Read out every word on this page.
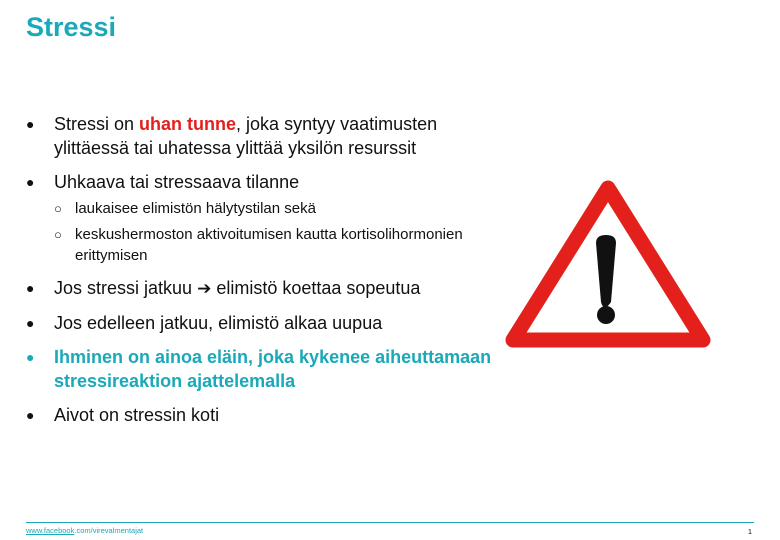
Stressi
● Stressi on uhan tunne, joka syntyy vaatimusten ylittäessä tai uhatessa ylittää yksilön resurssit
● Uhkaava tai stressaava tilanne
○ laukaisee elimistön hälytystilan sekä
○ keskushermoston aktivoitumisen kautta kortisolihormonien erittymisen
● Jos stressi jatkuu ➔ elimistö koettaa sopeutua
● Jos edelleen jatkuu, elimistö alkaa uupua
● Ihminen on ainoa eläin, joka kykenee aiheuttamaan stressireaktion ajattelemalla
● Aivot on stressin koti
www.facebook.com/virevalmentajat	1
